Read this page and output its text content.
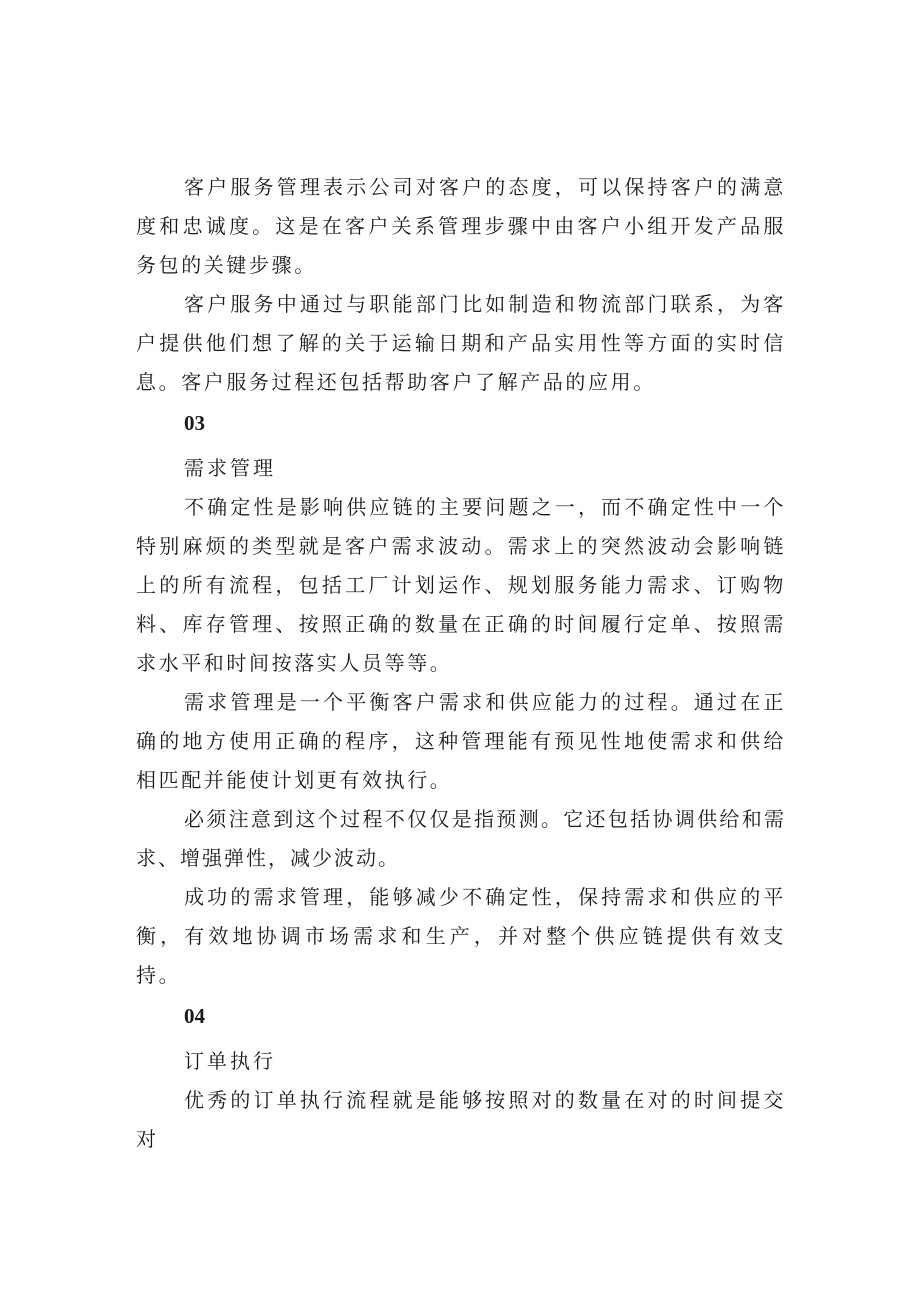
客户服务管理表示公司对客户的态度，可以保持客户的满意度和忠诚度。这是在客户关系管理步骤中由客户小组开发产品服务包的关键步骤。

客户服务中通过与职能部门比如制造和物流部门联系，为客户提供他们想了解的关于运输日期和产品实用性等方面的实时信息。客户服务过程还包括帮助客户了解产品的应用。

03

需求管理

不确定性是影响供应链的主要问题之一，而不确定性中一个特别麻烦的类型就是客户需求波动。需求上的突然波动会影响链上的所有流程，包括工厂计划运作、规划服务能力需求、订购物料、库存管理、按照正确的数量在正确的时间履行定单、按照需求水平和时间按落实人员等等。

需求管理是一个平衡客户需求和供应能力的过程。通过在正确的地方使用正确的程序，这种管理能有预见性地使需求和供给相匹配并能使计划更有效执行。

必须注意到这个过程不仅仅是指预测。它还包括协调供给和需求、增强弹性，减少波动。

成功的需求管理，能够减少不确定性，保持需求和供应的平衡，有效地协调市场需求和生产，并对整个供应链提供有效支持。

04

订单执行

优秀的订单执行流程就是能够按照对的数量在对的时间提交对
